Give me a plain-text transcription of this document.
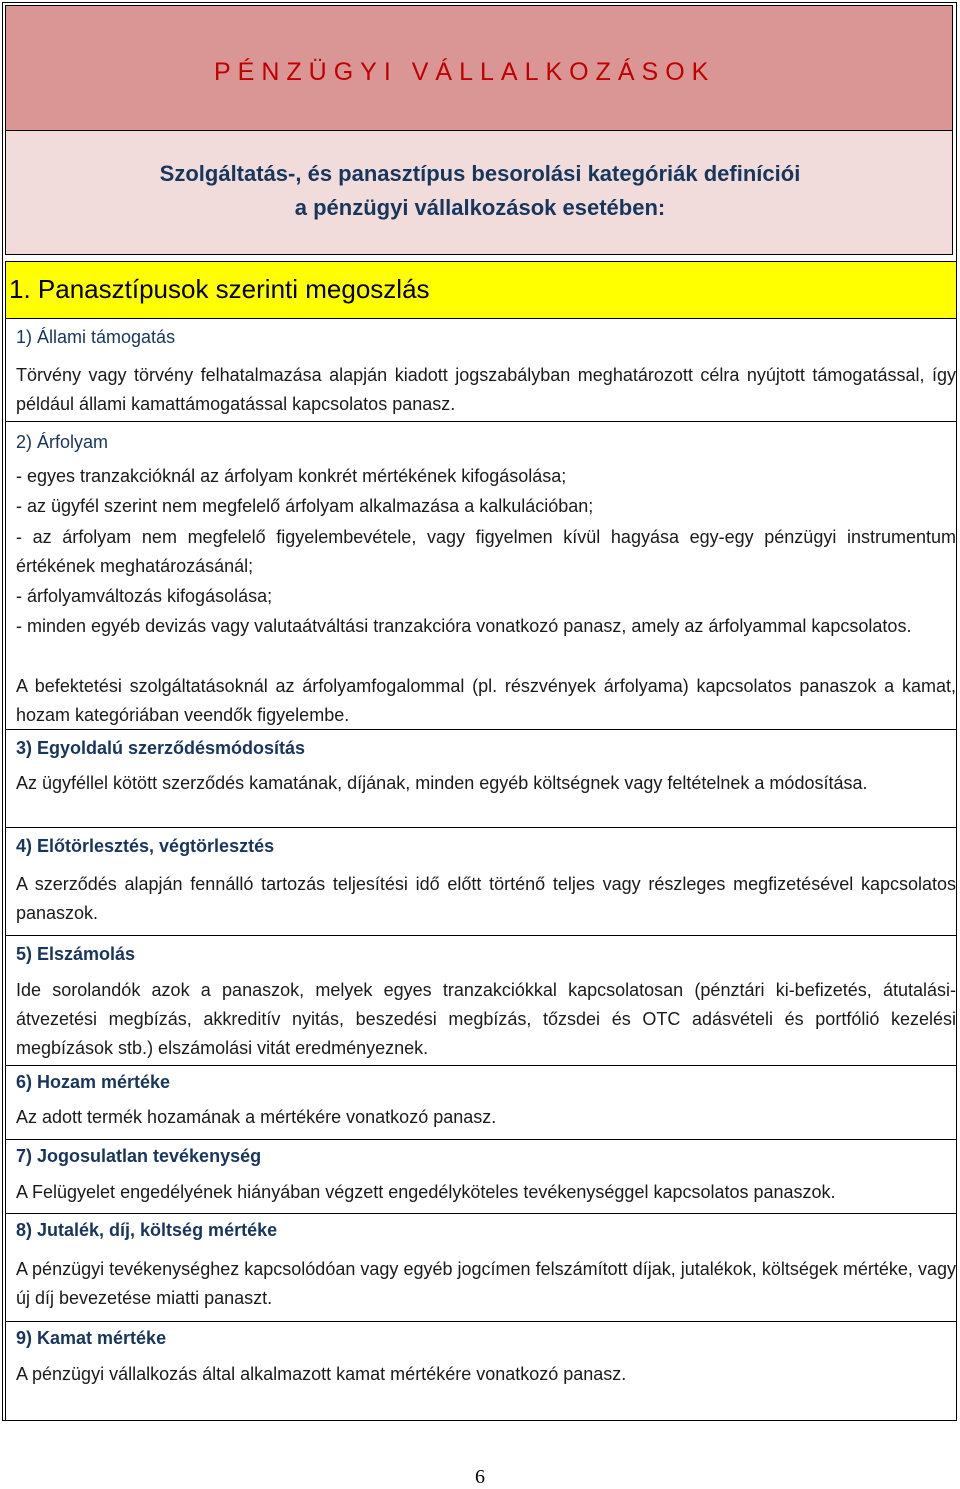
PÉNZÜGYI VÁLLALKOZÁSOK
Szolgáltatás-, és panasztípus besorolási kategóriák definíciói
a pénzügyi vállalkozások esetében:
1. Panasztípusok szerinti megoszlás
1) Állami támogatás
Törvény vagy törvény felhatalmazása alapján kiadott jogszabályban meghatározott célra nyújtott támogatással, így például állami kamattámogatással kapcsolatos panasz.
2) Árfolyam
- egyes tranzakcióknál az árfolyam konkrét mértékének kifogásolása;
- az ügyfél szerint nem megfelelő árfolyam alkalmazása a kalkulációban;
- az árfolyam nem megfelelő figyelembevétele, vagy figyelmen kívül hagyása egy-egy pénzügyi instrumentum értékének meghatározásánál;
- árfolyamváltozás kifogásolása;
- minden egyéb devizás vagy valutaátváltási tranzakcióra vonatkozó panasz, amely az árfolyammal kapcsolatos.
A befektetési szolgáltatásoknál az árfolyamfogalommal (pl. részvények árfolyama) kapcsolatos panaszok a kamat, hozam kategóriában veendők figyelembe.
3) Egyoldalú szerződésmódosítás
Az ügyféllel kötött szerződés kamatának, díjának, minden egyéb költségnek vagy feltételnek a módosítása.
4) Előtörlesztés, végtörlesztés
A szerződés alapján fennálló tartozás teljesítési idő előtt történő teljes vagy részleges megfizetésével kapcsolatos panaszok.
5) Elszámolás
Ide sorolandók azok a panaszok, melyek egyes tranzakciókkal kapcsolatosan (pénztári ki-befizetés, átutalási-átvezetési megbízás, akkreditív nyitás, beszedési megbízás, tőzsdei és OTC adásvételi és portfólió kezelési megbízások stb.) elszámolási vitát eredményeznek.
6) Hozam mértéke
Az adott termék hozamának a mértékére vonatkozó panasz.
7) Jogosulatlan tevékenység
A Felügyelet engedélyének hiányában végzett engedélyköteles tevékenységgel kapcsolatos panaszok.
8) Jutalék, díj, költség mértéke
A pénzügyi tevékenységhez kapcsolódóan vagy egyéb jogcímen felszámított díjak, jutalékok, költségek mértéke, vagy új díj bevezetése miatti panaszt.
9) Kamat mértéke
A pénzügyi vállalkozás által alkalmazott kamat mértékére vonatkozó panasz.
6
